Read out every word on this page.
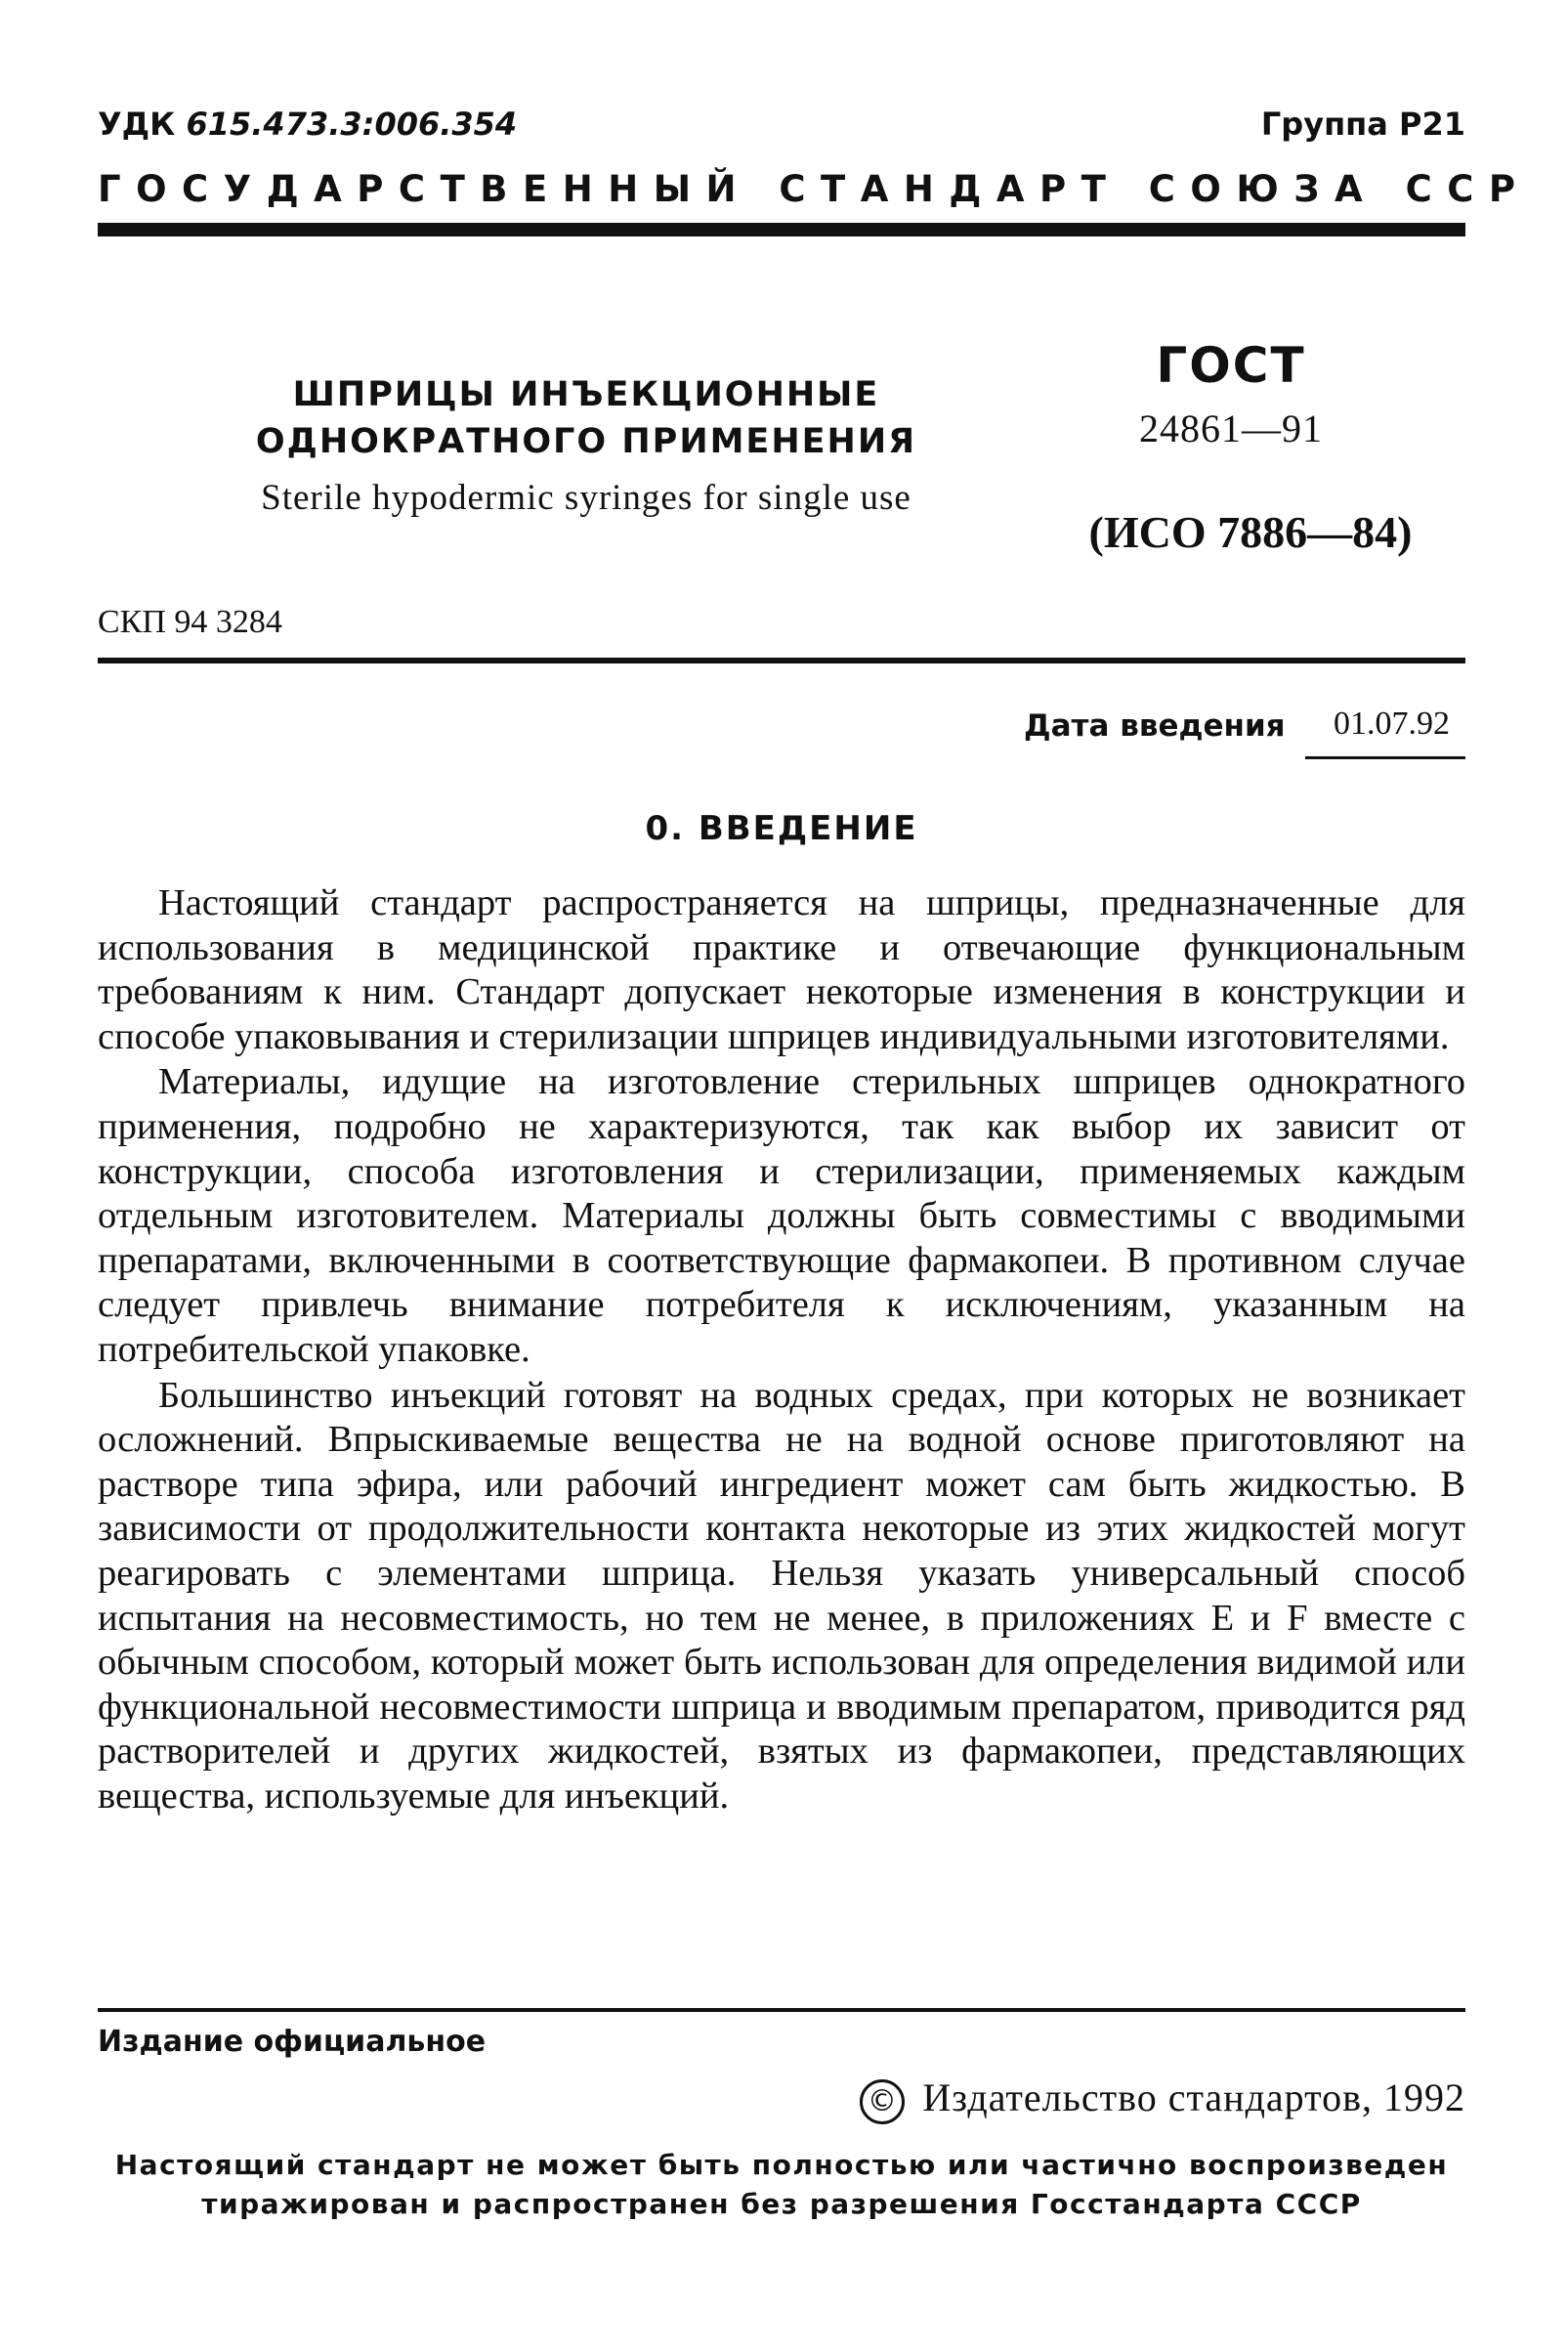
УДК 615.473.3:006.354	Группа Р21
ГОСУДАРСТВЕННЫЙ СТАНДАРТ СОЮЗА ССР
ШПРИЦЫ ИНЪЕКЦИОННЫЕ
ОДНОКРАТНОГО ПРИМЕНЕНИЯ
Sterile hypodermic syringes for single use
ГОСТ
24861—91
(ИСО 7886—84)
СКП 94 3284
Дата введения 01.07.92
0. ВВЕДЕНИЕ

Настоящий стандарт распространяется на шприцы, предназначенные для использования в медицинской практике и отвечающие функциональным требованиям к ним. Стандарт допускает некоторые изменения в конструкции и способе упаковывания и стерилизации шприцев индивидуальными изготовителями.

Материалы, идущие на изготовление стерильных шприцев однократного применения, подробно не характеризуются, так как выбор их зависит от конструкции, способа изготовления и стерилизации, применяемых каждым отдельным изготовителем. Материалы должны быть совместимы с вводимыми препаратами, включенными в соответствующие фармакопеи. В противном случае следует привлечь внимание потребителя к исключениям, указанным на потребительской упаковке.

Большинство инъекций готовят на водных средах, при которых не возникает осложнений. Впрыскиваемые вещества не на водной основе приготовляют на растворе типа эфира, или рабочий ингредиент может сам быть жидкостью. В зависимости от продолжительности контакта некоторые из этих жидкостей могут реагировать с элементами шприца. Нельзя указать универсальный способ испытания на несовместимость, но тем не менее, в приложениях Е и F вместе с обычным способом, который может быть использован для определения видимой или функциональной несовместимости шприца и вводимым препаратом, приводится ряд растворителей и других жидкостей, взятых из фармакопеи, представляющих вещества, используемые для инъекций.

Издание официальное
© Издательство стандартов, 1992
Настоящий стандарт не может быть полностью или частично воспроизведен
тиражирован и распространен без разрешения Госстандарта СССР
